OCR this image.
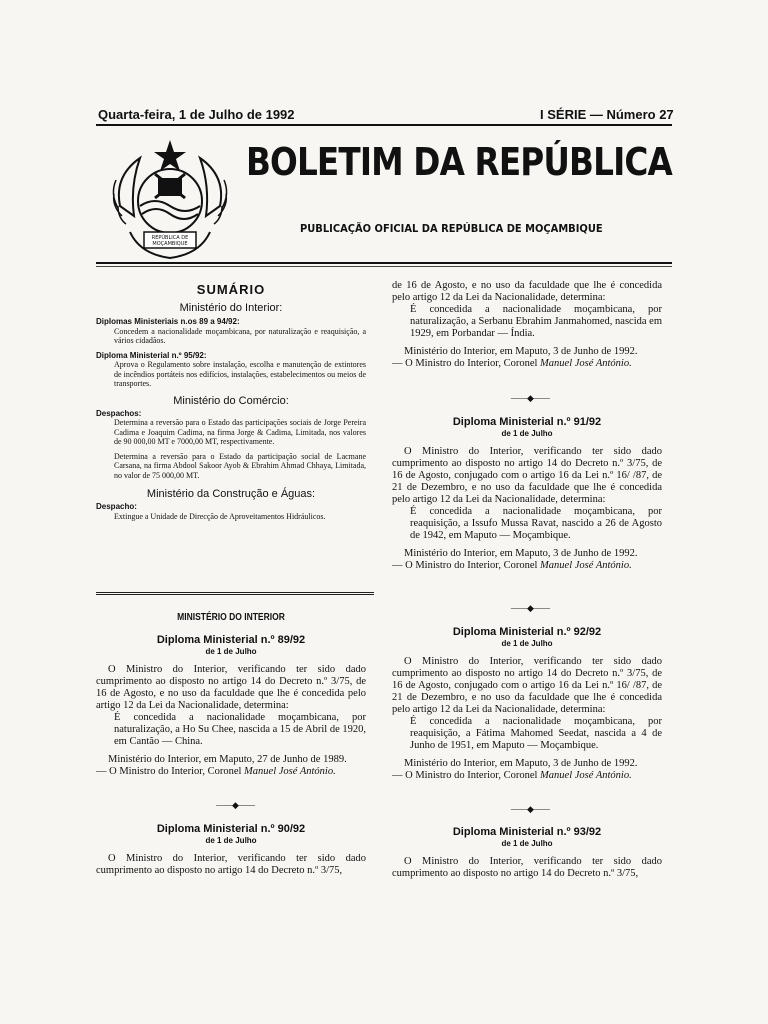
Quarta-feira, 1 de Julho de 1992	I SÉRIE — Número 27
REPÚBLICA DE
MOÇAMBIQUE
BOLETIM DA REPÚBLICA
PUBLICAÇÃO OFICIAL DA REPÚBLICA DE MOÇAMBIQUE

SUMÁRIO

Ministério do Interior:

Diplomas Ministeriais n.os 89 a 94/92:

Concedem a nacionalidade moçambicana, por naturalização e reaquisição, a vários cidadãos.

Diploma Ministerial n.º 95/92:

Aprova o Regulamento sobre instalação, escolha e manutenção de extintores de incêndios portáteis nos edifícios, instalações, estabelecimentos ou meios de transportes.

Ministério do Comércio:

Despachos:

Determina a reversão para o Estado das participações sociais de Jorge Pereira Cadima e Joaquim Cadima, na firma Jorge & Cadima, Limitada, nos valores de 90 000,00 MT e 7000,00 MT, respectivamente.

Determina a reversão para o Estado da participação social de Lacmane Carsana, na firma Abdool Sakoor Ayob & Ebrahim Ahmad Chhaya, Limitada, no valor de 75 000,00 MT.

Ministério da Construção e Águas:

Despacho:

Extingue a Unidade de Direcção de Aproveitamentos Hidráulicos.

MINISTÉRIO DO INTERIOR

Diploma Ministerial n.º 89/92

de 1 de Julho

O Ministro do Interior, verificando ter sido dado cumprimento ao disposto no artigo 14 do Decreto n.º 3/75, de 16 de Agosto, e no uso da faculdade que lhe é concedida pelo artigo 12 da Lei da Nacionalidade, determina:

É concedida a nacionalidade moçambicana, por naturalização, a Ho Su Chee, nascida a 15 de Abril de 1920, em Cantão — China.

Ministério do Interior, em Maputo, 27 de Junho de 1989.

— O Ministro do Interior, Coronel Manuel José António.

——◆——

Diploma Ministerial n.º 90/92

de 1 de Julho

O Ministro do Interior, verificando ter sido dado cumprimento ao disposto no artigo 14 do Decreto n.º 3/75,

de 16 de Agosto, e no uso da faculdade que lhe é concedida pelo artigo 12 da Lei da Nacionalidade, determina:

É concedida a nacionalidade moçambicana, por naturalização, a Serbanu Ebrahim Janmahomed, nascida em 1929, em Porbandar — Índia.

Ministério do Interior, em Maputo, 3 de Junho de 1992.

— O Ministro do Interior, Coronel Manuel José António.

——◆——

Diploma Ministerial n.º 91/92

de 1 de Julho

O Ministro do Interior, verificando ter sido dado cumprimento ao disposto no artigo 14 do Decreto n.º 3/75, de 16 de Agosto, conjugado com o artigo 16 da Lei n.º 16/ /87, de 21 de Dezembro, e no uso da faculdade que lhe é concedida pelo artigo 12 da Lei da Nacionalidade, determina:

É concedida a nacionalidade moçambicana, por reaquisição, a Issufo Mussa Ravat, nascido a 26 de Agosto de 1942, em Maputo — Moçambique.

Ministério do Interior, em Maputo, 3 de Junho de 1992.

— O Ministro do Interior, Coronel Manuel José António.

——◆——

Diploma Ministerial n.º 92/92

de 1 de Julho

O Ministro do Interior, verificando ter sido dado cumprimento ao disposto no artigo 14 do Decreto n.º 3/75, de 16 de Agosto, conjugado com o artigo 16 da Lei n.º 16/ /87, de 21 de Dezembro, e no uso da faculdade que lhe é concedida pelo artigo 12 da Lei da Nacionalidade, determina:

É concedida a nacionalidade moçambicana, por reaquisição, a Fátima Mahomed Seedat, nascida a 4 de Junho de 1951, em Maputo — Moçambique.

Ministério do Interior, em Maputo, 3 de Junho de 1992.

— O Ministro do Interior, Coronel Manuel José António.

——◆——

Diploma Ministerial n.º 93/92

de 1 de Julho

O Ministro do Interior, verificando ter sido dado cumprimento ao disposto no artigo 14 do Decreto n.º 3/75,
